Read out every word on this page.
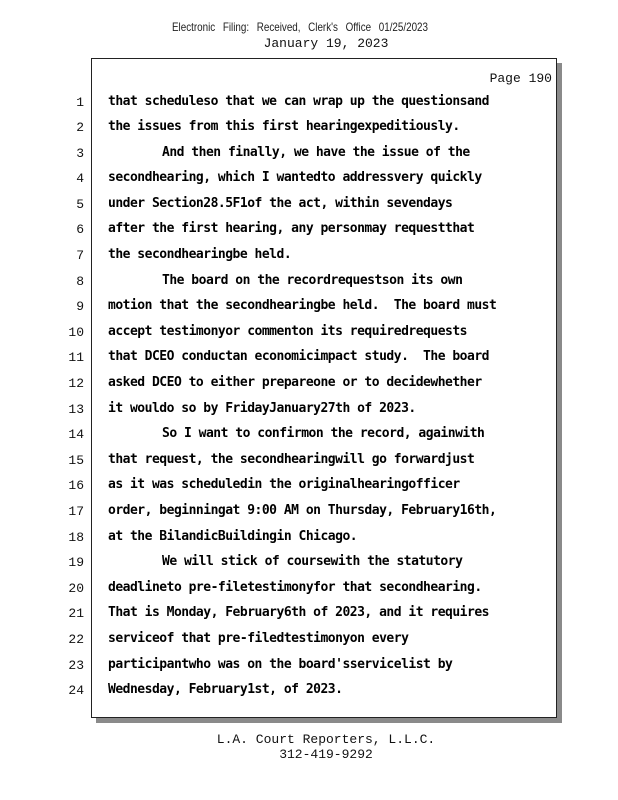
Electronic Filing: Received, Clerk's Office 01/25/2023
January 19, 2023
Page 190
1
2
3
4
5
6
7
8
9
10
11
12
13
14
15
16
17
18
19
20
21
22
23
24
that scheduleso that we can wrap up the questionsand
the issues from this first hearingexpeditiously.
And then finally, we have the issue of the
secondhearing, which I wantedto addressvery quickly
under Section28.5F1of the act, within sevendays
after the first hearing, any personmay requestthat
the secondhearingbe held.
The board on the recordrequestson its own
motion that the secondhearingbe held.  The board must
accept testimonyor commenton its requiredrequests
that DCEO conductan economicimpact study.  The board
asked DCEO to either prepareone or to decidewhether
it wouldo so by FridayJanuary27th of 2023.
So I want to confirmon the record, againwith
that request, the secondhearingwill go forwardjust
as it was scheduledin the originalhearingofficer
order, beginningat 9:00 AM on Thursday, February16th,
at the BilandicBuildingin Chicago.
We will stick of coursewith the statutory
deadlineto pre-filetestimonyfor that secondhearing.
That is Monday, February6th of 2023, and it requires
serviceof that pre-filedtestimonyon every
participantwho was on the board'sservicelist by
Wednesday, February1st, of 2023.
L.A. Court Reporters, L.L.C.
312-419-9292
